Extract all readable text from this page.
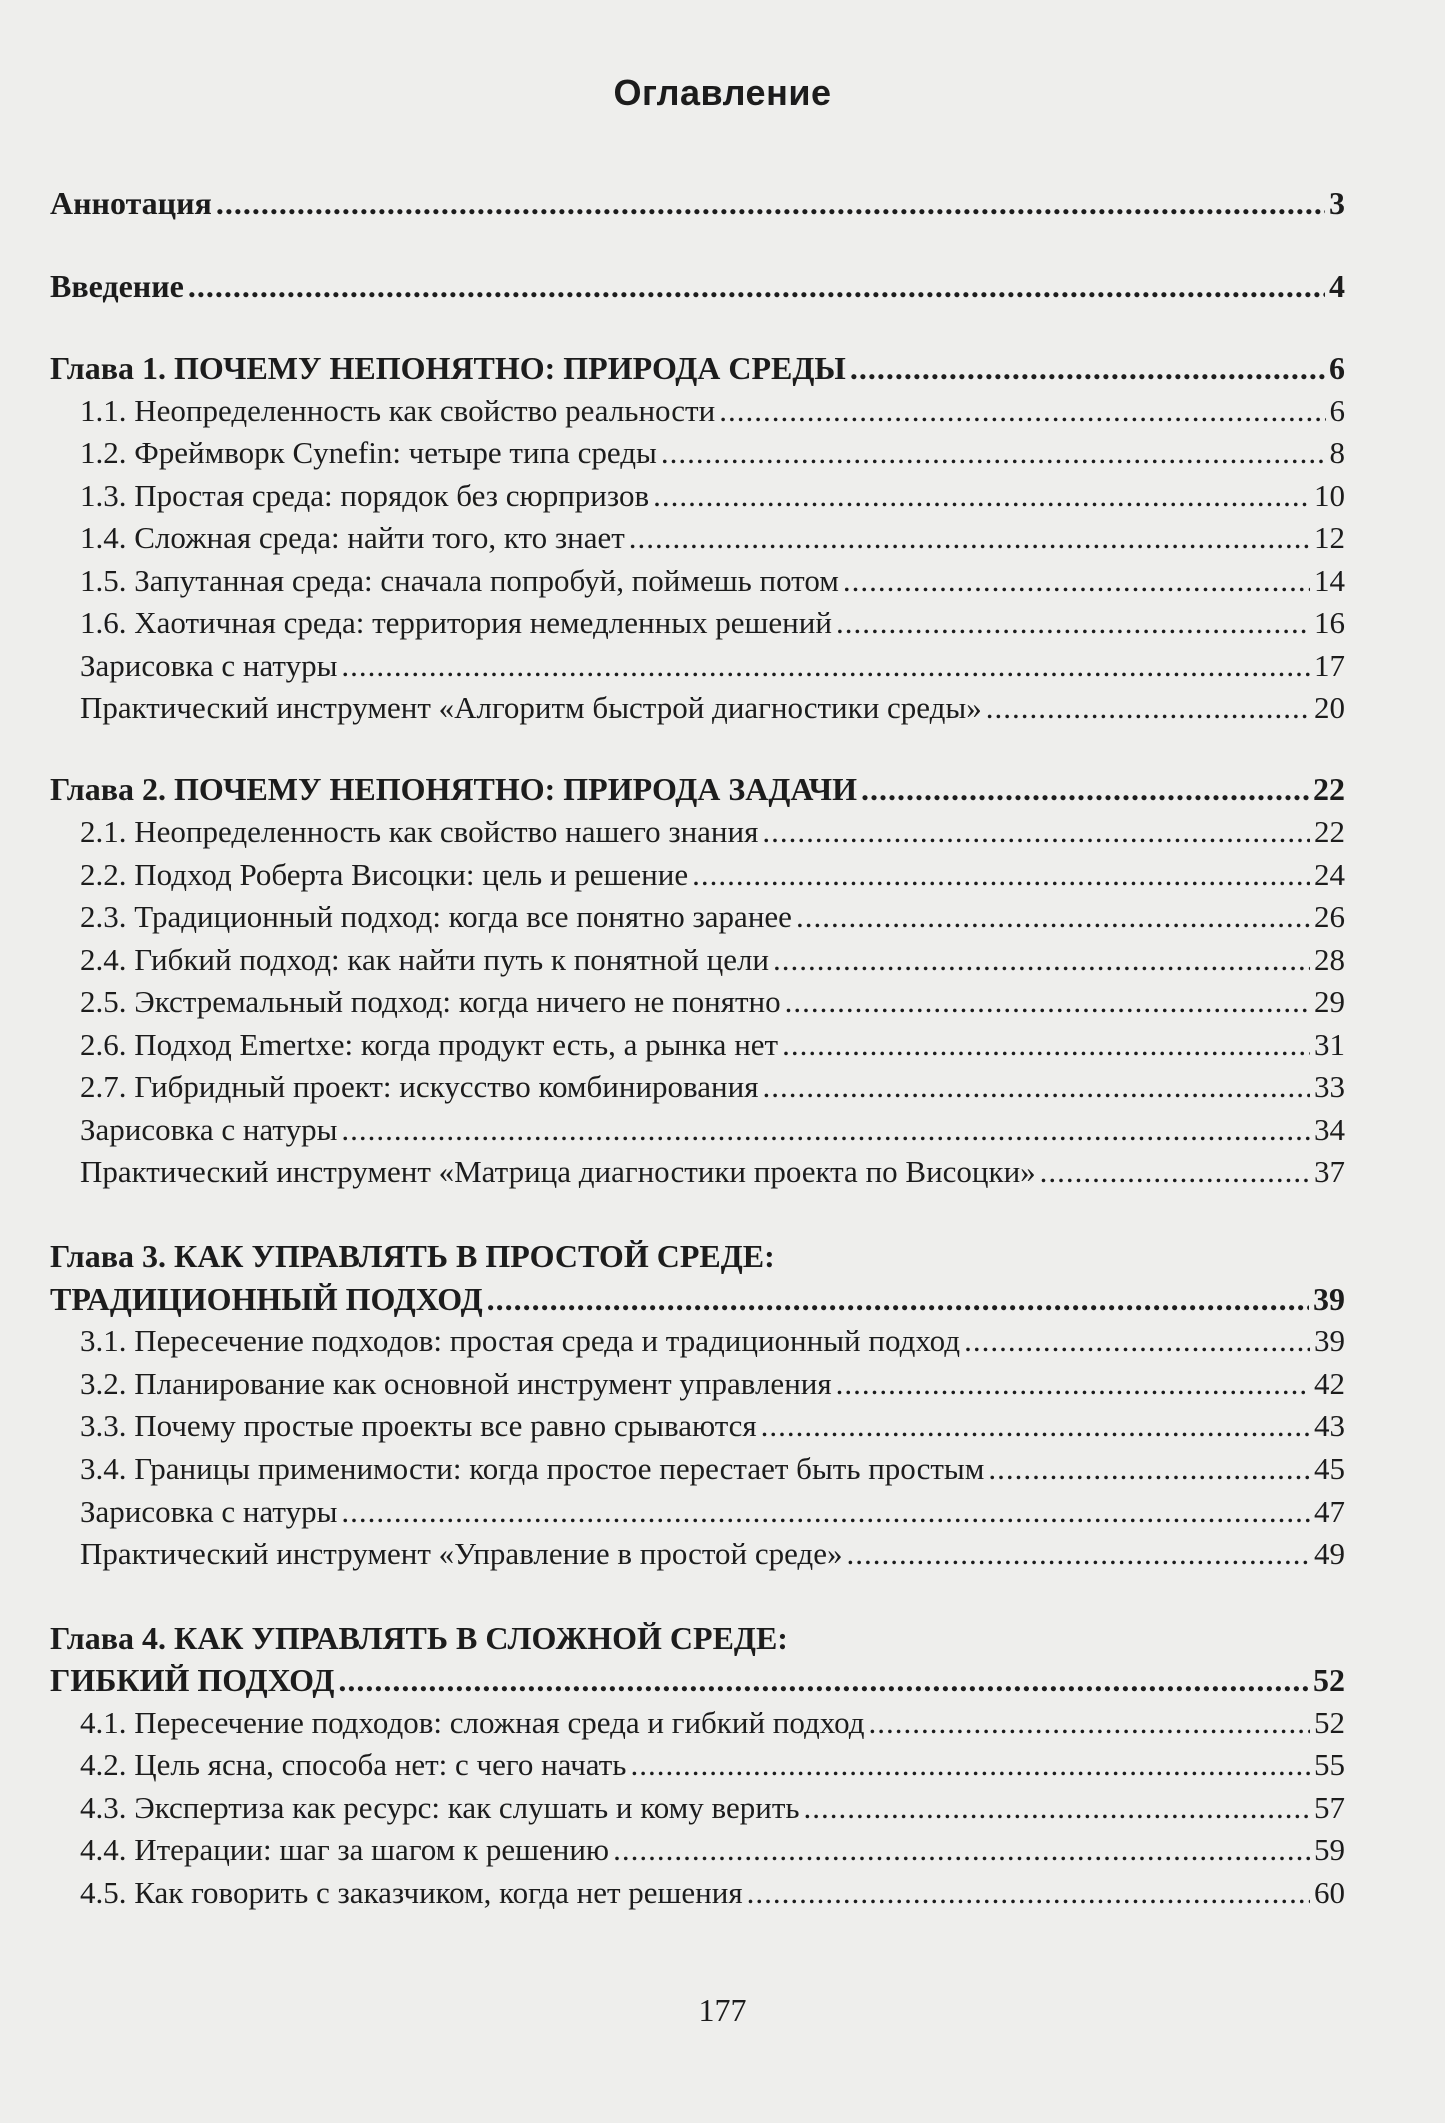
Оглавление
Аннотация .....	3
Введение .....	4
Глава 1. ПОЧЕМУ НЕПОНЯТНО: ПРИРОДА СРЕДЫ .....	6
1.1. Неопределенность как свойство реальности .....	6
1.2. Фреймворк Cynefin: четыре типа среды .....	8
1.3. Простая среда: порядок без сюрпризов .....	10
1.4. Сложная среда: найти того, кто знает .....	12
1.5. Запутанная среда: сначала попробуй, поймешь потом .....	14
1.6. Хаотичная среда: территория немедленных решений .....	16
Зарисовка с натуры .....	17
Практический инструмент «Алгоритм быстрой диагностики среды» .....	20
Глава 2. ПОЧЕМУ НЕПОНЯТНО: ПРИРОДА ЗАДАЧИ .....	22
2.1. Неопределенность как свойство нашего знания .....	22
2.2. Подход Роберта Висоцки: цель и решение .....	24
2.3. Традиционный подход: когда все понятно заранее .....	26
2.4. Гибкий подход: как найти путь к понятной цели .....	28
2.5. Экстремальный подход: когда ничего не понятно .....	29
2.6. Подход Emertxe: когда продукт есть, а рынка нет .....	31
2.7. Гибридный проект: искусство комбинирования .....	33
Зарисовка с натуры .....	34
Практический инструмент «Матрица диагностики проекта по Висоцки» .....	37
Глава 3. КАК УПРАВЛЯТЬ В ПРОСТОЙ СРЕДЕ:
ТРАДИЦИОННЫЙ ПОДХОД .....	39
3.1. Пересечение подходов: простая среда и традиционный подход .....	39
3.2. Планирование как основной инструмент управления .....	42
3.3. Почему простые проекты все равно срываются .....	43
3.4. Границы применимости: когда простое перестает быть простым .....	45
Зарисовка с натуры .....	47
Практический инструмент «Управление в простой среде» .....	49
Глава 4. КАК УПРАВЛЯТЬ В СЛОЖНОЙ СРЕДЕ:
ГИБКИЙ ПОДХОД .....	52
4.1. Пересечение подходов: сложная среда и гибкий подход .....	52
4.2. Цель ясна, способа нет: с чего начать .....	55
4.3. Экспертиза как ресурс: как слушать и кому верить .....	57
4.4. Итерации: шаг за шагом к решению .....	59
4.5. Как говорить с заказчиком, когда нет решения .....	60
177
